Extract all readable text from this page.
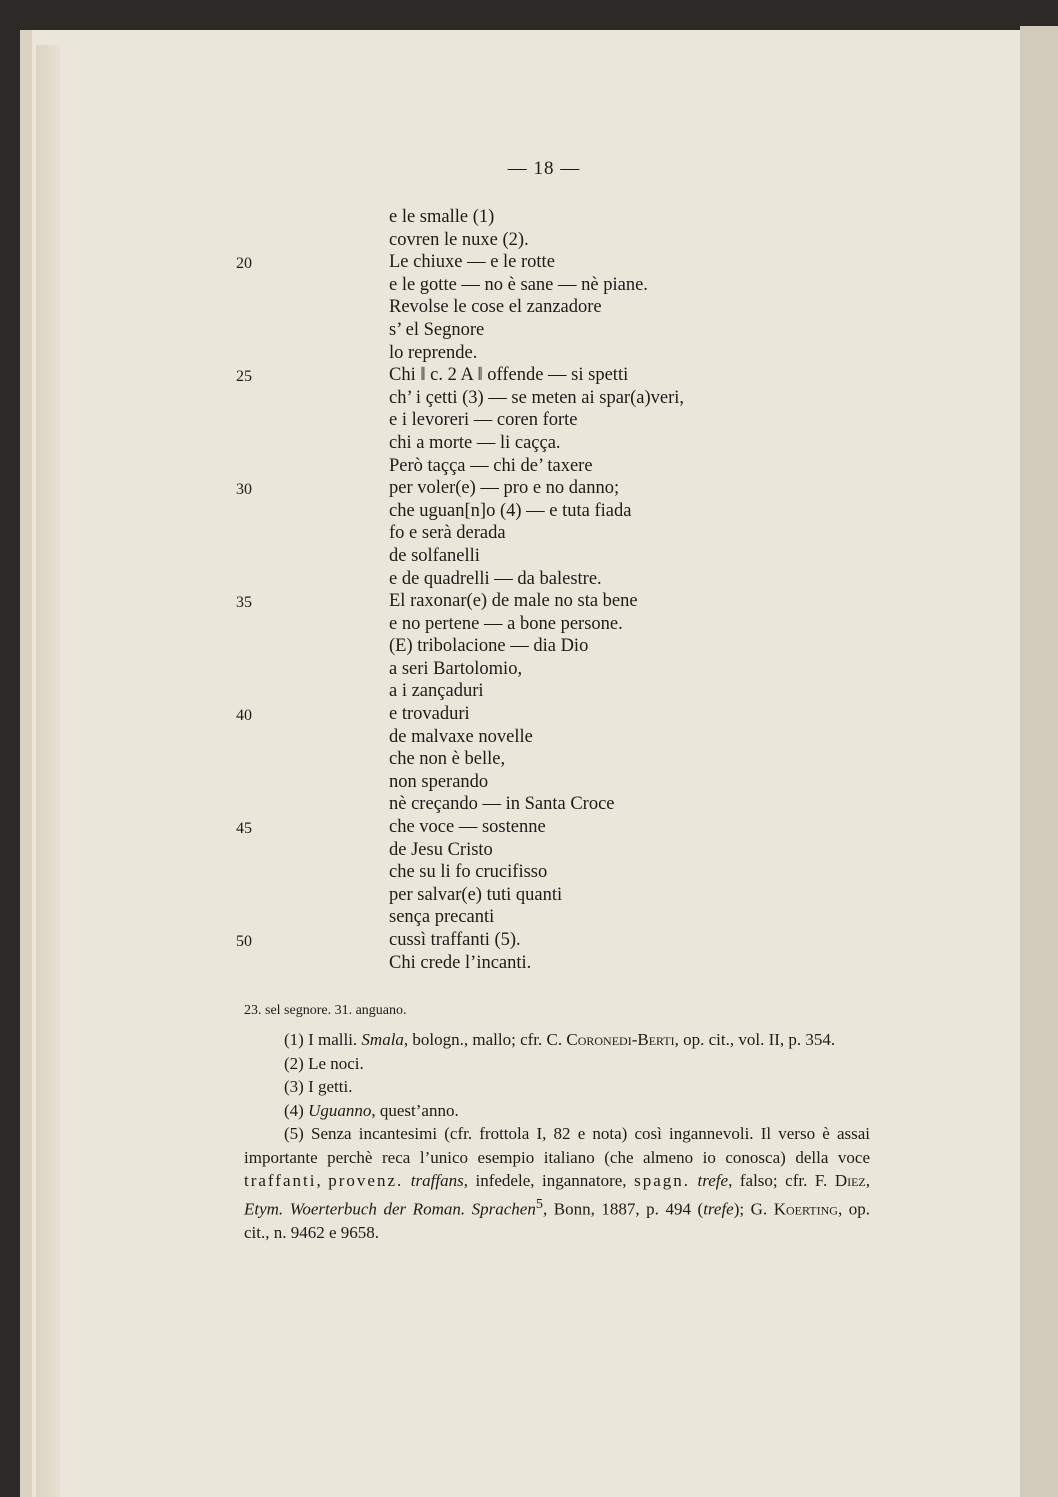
— 18 —
e le smalle (1)
covren le nuxe (2).
Le chiuxe — e le rotte
e le gotte — no è sane — nè piane.
Revolse le cose el zanzadore
s’ el Segnore
lo reprende.
Chi ‖ c. 2 A ‖ offende — si spetti
ch’ i çetti (3) — se meten ai spar(a)veri,
e i levoreri — coren forte
chi a morte — li caçça.
Però taçça — chi de’ taxere
per voler(e) — pro e no danno;
che uguan[n]o (4) — e tuta fiada
fo e serà derada
de solfanelli
e de quadrelli — da balestre.
El raxonar(e) de male no sta bene
e no pertene — a bone persone.
(E) tribolacione — dia Dio
a seri Bartolomio,
a i zançaduri
e trovaduri
de malvaxe novelle
che non è belle,
non sperando
nè creçando — in Santa Croce
che voce — sostenne
de Jesu Cristo
che su li fo crucifisso
per salvar(e) tuti quanti
sença precanti
cussì traffanti (5).
Chi crede l’incanti.
20
25
30
35
40
45
50
23. sel segnore. 31. anguano.

(1) I malli. Smala, bologn., mallo; cfr. C. Coronedi-Berti, op. cit., vol. II, p. 354.

(2) Le noci.

(3) I getti.

(4) Uguanno, quest’anno.

(5) Senza incantesimi (cfr. frottola I, 82 e nota) così ingannevoli. Il verso è assai importante perchè reca l’unico esempio italiano (che almeno io conosca) della voce traffanti, provenz. traffans, infedele, ingannatore, spagn. trefe, falso; cfr. F. Diez, Etym. Woerterbuch der Roman. Sprachen$^5$, Bonn, 1887, p. 494 (trefe); G. Koerting, op. cit., n. 9462 e 9658.
